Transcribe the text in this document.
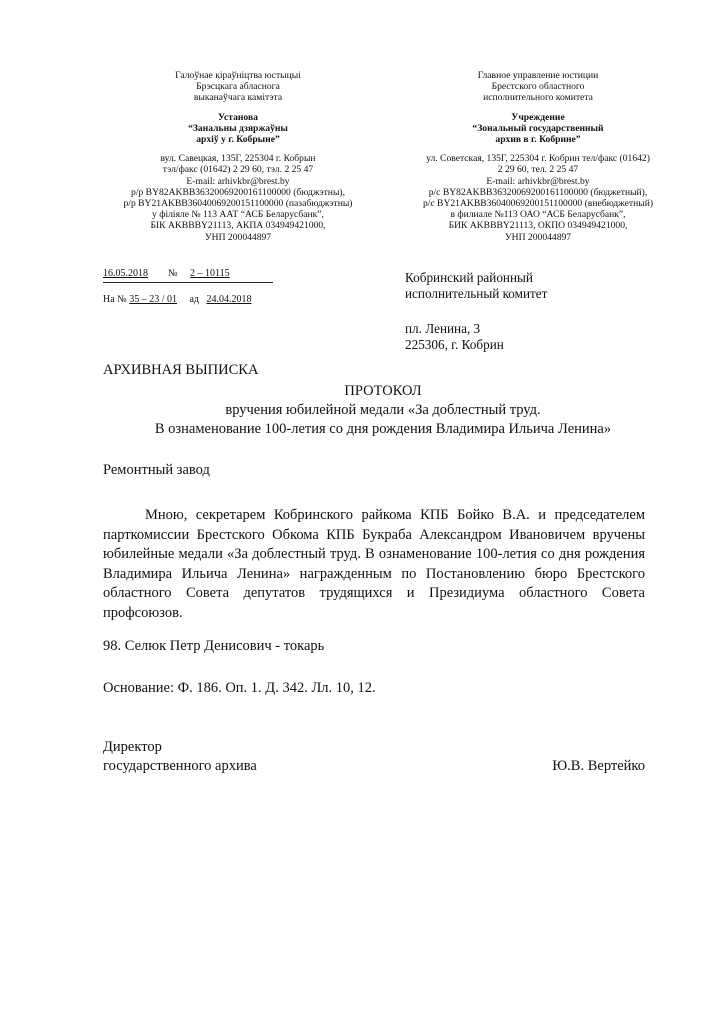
Галоўнае кіраўніцтва юстыцыі
Брэсцкага абласнога
выканаўчага камітэта
Установа
“Занальны дзяржаўны
архіў у г. Кобрыне”
вул. Савецкая, 135Г, 225304 г. Кобрын
тэл/факс (01642) 2 29 60, тэл. 2 25 47
E-mail: arhivkbr@brest.by
р/р BY82AKBB36320069200161100000 (бюджэтны),
р/р BY21AKBB36040069200151100000 (пазабюджэтны)
у філіяле № 113 ААТ “АСБ Беларусбанк”,
БІК AKBBBY21113, АКПА 034949421000,
УНП 200044897
Главное управление юстиции
Брестского областного
исполнительного комитета
Учреждение
“Зональный государственный
архив в г. Кобрине”
ул. Советская, 135Г, 225304 г. Кобрин тел/факс (01642)
2 29 60, тел. 2 25 47
E-mail: arhivkbr@brest.by
р/с BY82AKBB36320069200161100000 (бюджетный),
р/с BY21AKBB36040069200151100000 (внебюджетный)
в филиале №113 ОАО “АСБ Беларусбанк”,
БИК AKBBBY21113, ОКПО 034949421000,
УНП 200044897
16.05.2018 № 2 – 10115
На № 35 – 23 / 01 ад 24.04.2018
Кобринский районный
исполнительный комитет
пл. Ленина, 3
225306, г. Кобрин
АРХИВНАЯ ВЫПИСКА
ПРОТОКОЛ
вручения юбилейной медали «За доблестный труд.
В ознаменование 100-летия со дня рождения Владимира Ильича Ленина»
Ремонтный завод
Мною, секретарем Кобринского райкома КПБ Бойко В.А. и председателем парткомиссии Брестского Обкома КПБ Букраба Александром Ивановичем вручены юбилейные медали «За доблестный труд. В ознаменование 100-летия со дня рождения Владимира Ильича Ленина» награжденным по Постановлению бюро Брестского областного Совета депутатов трудящихся и Президиума областного Совета профсоюзов.
98. Селюк Петр Денисович - токарь
Основание: Ф. 186. Оп. 1. Д. 342. Лл. 10, 12.
Директор
государственного архива	Ю.В. Вертейко
